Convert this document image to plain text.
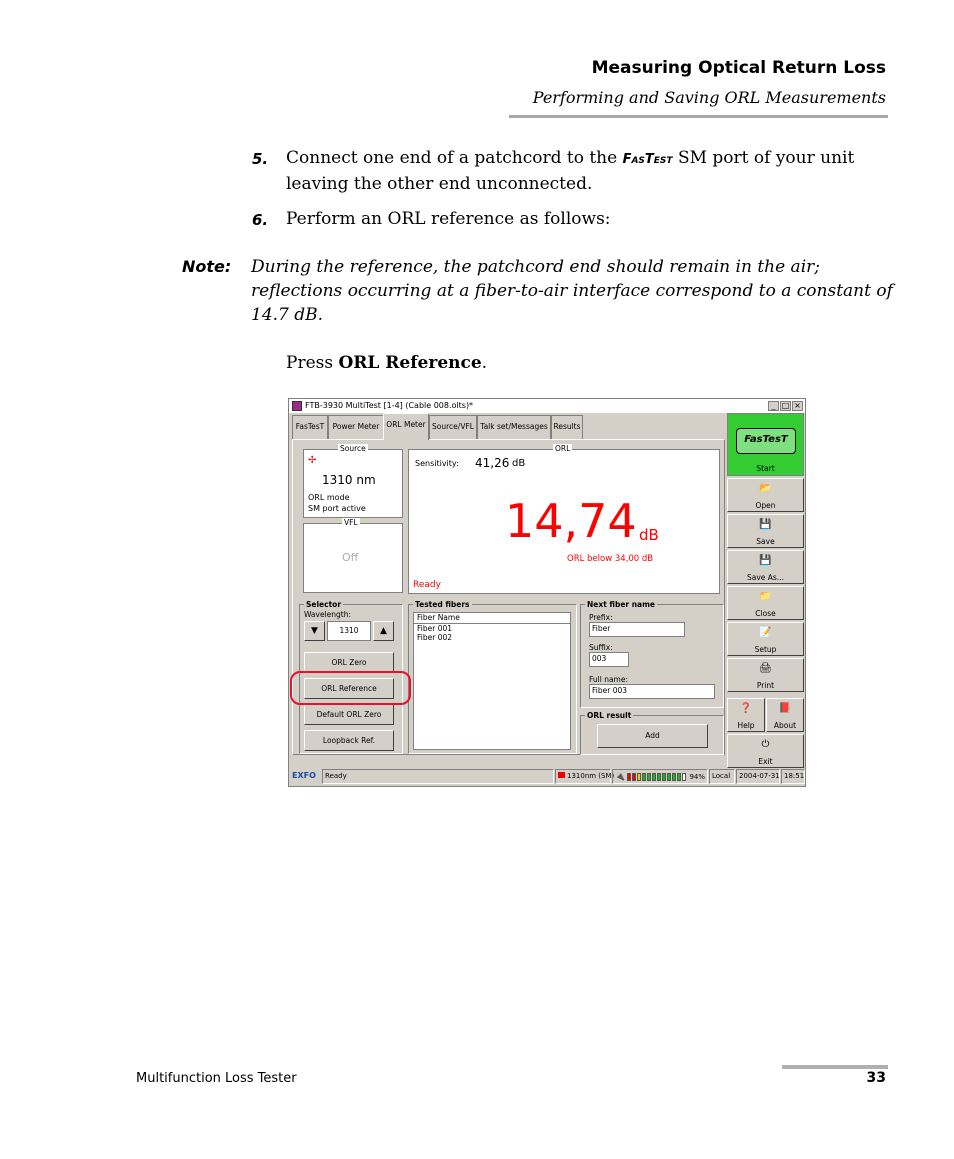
Measuring Optical Return Loss
Performing and Saving ORL Measurements
5. Connect one end of a patchcord to the FasTest SM port of your unit
leaving the other end unconnected.
6. Perform an ORL reference as follows:
Note: During the reference, the patchcord end should remain in the air;
reflections occurring at a fiber-to-air interface correspond to a constant of
14.7 dB.
Press ORL Reference.
FTB-3930 MultiTest [1-4] (Cable 008.olts)*	_ □ ×
FasTesT	Power Meter ORL Meter Source/VFL Talk set/Messages Results
Source
✢
1310 nm
ORL mode
SM port active
VFL
Off
ORL
Sensitivity: 41,26 dB
14,74 dB
ORL below 34,00 dB
Ready
Selector
Wavelength:
▼	1310	▲
ORL Zero
ORL Reference
Default ORL Zero
Loopback Ref.
Tested fibers
Fiber Name
Fiber 001
Fiber 002
Next fiber name
Prefix:
Fiber
Suffix:
003
Full name:
Fiber 003
ORL result
Add
FasTesT
Start
📂
Open
💾
Save
💾
Save As...
📁
Close
📝
Setup
🖨
Print
❓
Help
📕
About
⏻
Exit
EXFO	Ready	1310nm (SM) 🔌	94%	Local	2004-07-31 18:51
Multifunction Loss Tester	33
